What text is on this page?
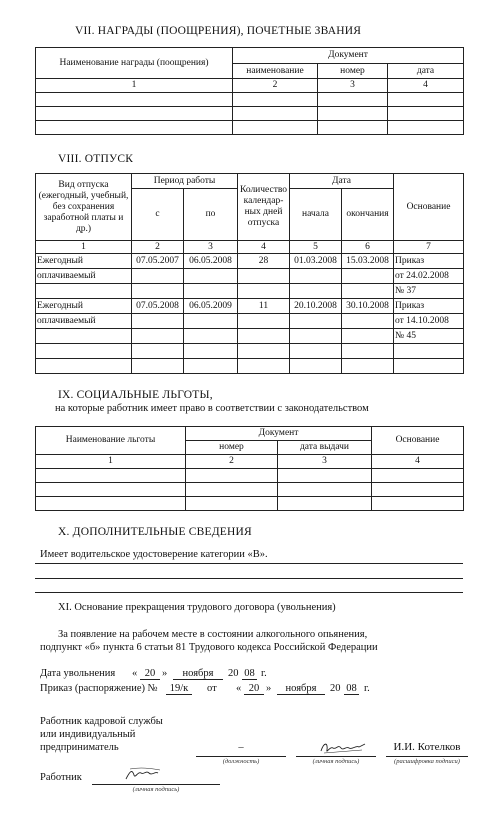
VII. НАГРАДЫ (ПООЩРЕНИЯ), ПОЧЕТНЫЕ ЗВАНИЯ
Наименование награды (поощрения)	Документ		
	наименование	номер	дата
1	2	3	4

VIII. ОТПУСК
Вид отпуска (ежегодный, учебный, без сохранения заработной платы и др.)	Период работы		Количество календарных дней отпуска	Дата		Основание
	с	по		начала	окончания	
1	2	3	4	5	6	7
Ежегодный	07.05.2007	06.05.2008	28	01.03.2008	15.03.2008	Приказ
оплачиваемый						от 24.02.2008
						№ 37
Ежегодный	07.05.2008	06.05.2009	11	20.10.2008	30.10.2008	Приказ
оплачиваемый						от 14.10.2008
						№ 45

IX. СОЦИАЛЬНЫЕ ЛЬГОТЫ,
на которые работник имеет право в соответствии с законодательством
Наименование льготы	Документ		Основание
	номер	дата выдачи	
1	2	3	4

X. ДОПОЛНИТЕЛЬНЫЕ СВЕДЕНИЯ
Имеет водительское удостоверение категории «В».
XI. Основание прекращения трудового договора (увольнения)
За появление на рабочем месте в состоянии алкогольного опьянения,
подпункт «б» пункта 6 статьи 81 Трудового кодекса Российской Федерации
Дата увольнения « 20 »	ноября	20 08 г.
Приказ (распоряжение) №	19/к	от « 20 »	ноября	20 08 г.
Работник кадровой службы
или индивидуальный
предприниматель	–
(должность)	(личная подпись)
И.И. Котелков
(расшифровка подписи)
Работник
(личная подпись)
